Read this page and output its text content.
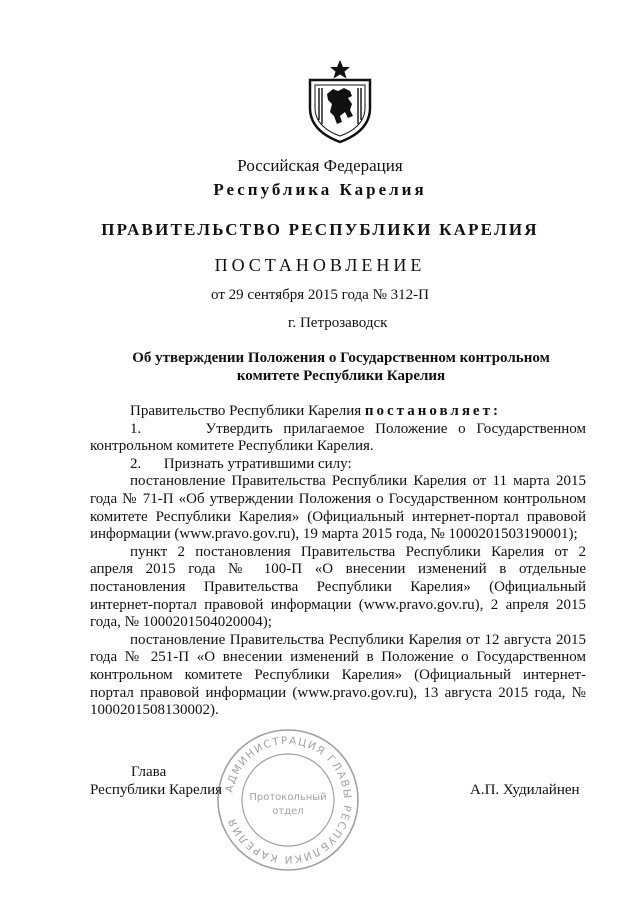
Российская Федерация
Республика Карелия
ПРАВИТЕЛЬСТВО РЕСПУБЛИКИ КАРЕЛИЯ
ПОСТАНОВЛЕНИЕ
от 29 сентября 2015 года № 312-П
г. Петрозаводск
Об утверждении Положения о Государственном контрольном
комитете Республики Карелия

Правительство Республики Карелия постановляет:

1.      Утвердить прилагаемое Положение о Государственном контрольном комитете Республики Карелия.

2.      Признать утратившими силу:

постановление Правительства Республики Карелия от 11 марта 2015 года № 71-П «Об утверждении Положения о Государственном контрольном комитете Республики Карелия» (Официальный интернет-портал правовой информации (www.pravo.gov.ru), 19 марта 2015 года, № 1000201503190001);

пункт 2 постановления Правительства Республики Карелия от 2 апреля 2015 года № 100-П «О внесении изменений в отдельные постановления Правительства Республики Карелия» (Официальный интернет-портал правовой информации (www.pravo.gov.ru), 2 апреля 2015 года, № 1000201504020004);

постановление Правительства Республики Карелия от 12 августа 2015 года № 251-П «О внесении изменений в Положение о Государственном контрольном комитете Республики Карелия» (Официальный интернет-портал правовой информации (www.pravo.gov.ru), 13 августа 2015 года, № 1000201508130002).

Глава
Республики Карелия	А.П. Худилайнен
АДМИНИСТРАЦИЯ ГЛАВЫ РЕСПУБЛИКИ КАРЕЛИЯ
Протокольный
отдел
